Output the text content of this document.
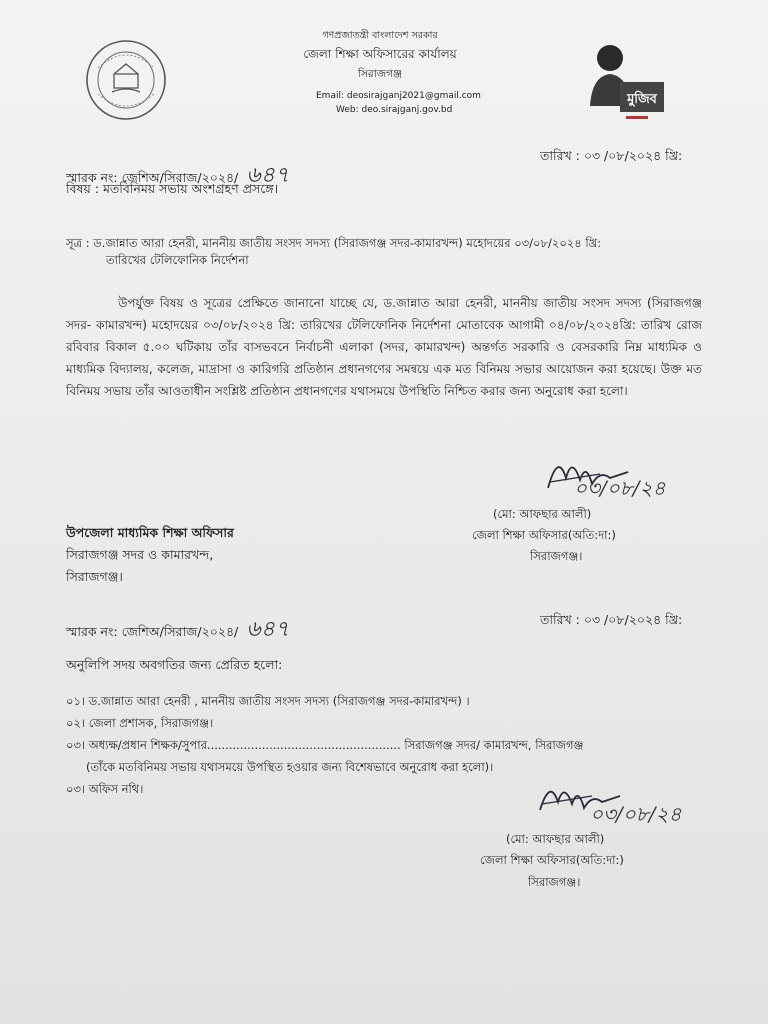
গণপ্রজাতন্ত্রী বাংলাদেশ সরকার
জেলা শিক্ষা অফিসারের কার্যালয়
সিরাজগঞ্জ
Email: deosirajganj2021@gmail.com
Web: deo.sirajganj.gov.bd
মুজিব
স্মারক নং: জেশিঅ/সিরাজ/২০২৪/ ৬৪৭
তারিখ : ০৩ /০৮/২০২৪ খ্রি:
বিষয় : মতবিনিময় সভায় অংশগ্রহণ প্রসঙ্গে।
সূত্র : ড.জান্নাত আরা হেনরী, মাননীয় জাতীয় সংসদ সদস্য (সিরাজগঞ্জ সদর-কামারখন্দ) মহোদয়ের ০৩/০৮/২০২৪ খ্রি:
তারিখের টেলিফোনিক নির্দেশনা
উপর্যুক্ত বিষয় ও সূত্রের প্রেক্ষিতে জানানো যাচ্ছে যে, ড.জান্নাত আরা হেনরী, মাননীয় জাতীয় সংসদ সদস্য (সিরাজগঞ্জ সদর- কামারখন্দ) মহোদয়ের ০৩/০৮/২০২৪ খ্রি: তারিখের টেলিফোনিক নির্দেশনা মোতাবেক আগামী ০৪/০৮/২০২৪খ্রি: তারিখ রোজ রবিবার বিকাল ৫.০০ ঘটিকায় তাঁর বাসভবনে নির্বাচনী এলাকা (সদর, কামারখন্দ) অন্তর্গত সরকারি ও বেসরকারি নিম্ন মাধ্যমিক ও মাধ্যমিক বিদ্যালয়, কলেজ, মাদ্রাসা ও কারিগরি প্রতিষ্ঠান প্রধানগণের সমন্বয়ে এক মত বিনিময় সভার আয়োজন করা হয়েছে। উক্ত মত বিনিময় সভায় তাঁর আওতাধীন সংশ্লিষ্ট প্রতিষ্ঠান প্রধানগণের যথাসময়ে উপস্থিতি নিশ্চিত করার জন্য অনুরোধ করা হলো।
০৩/০৮/২৪
(মো: আফছার আলী)
জেলা শিক্ষা অফিসার(অতি:দা:)
সিরাজগঞ্জ।
উপজেলা মাধ্যমিক শিক্ষা অফিসার
সিরাজগঞ্জ সদর ও কামারখন্দ,
সিরাজগঞ্জ।
স্মারক নং: জেশিঅ/সিরাজ/২০২৪/ ৬৪৭	তারিখ : ০৩ /০৮/২০২৪ খ্রি:
অনুলিপি সদয় অবগতির জন্য প্রেরিত হলো:
০১। ড.জান্নাত আরা হেনরী , মাননীয় জাতীয় সংসদ সদস্য (সিরাজগঞ্জ সদর-কামারখন্দ) ।
০২। জেলা প্রশাসক, সিরাজগঞ্জ।
০৩। অধ্যক্ষ/প্রধান শিক্ষক/সুপার..................................................... সিরাজগঞ্জ সদর/ কামারখন্দ, সিরাজগঞ্জ
(তাঁকে মতবিনিময় সভায় যথাসময়ে উপস্থিত হওয়ার জন্য বিশেষভাবে অনুরোধ করা হলো)।
০৩। অফিস নথি।
০৩/০৮/২৪
(মো: আফছার আলী)
জেলা শিক্ষা অফিসার(অতি:দা:)
সিরাজগঞ্জ।
